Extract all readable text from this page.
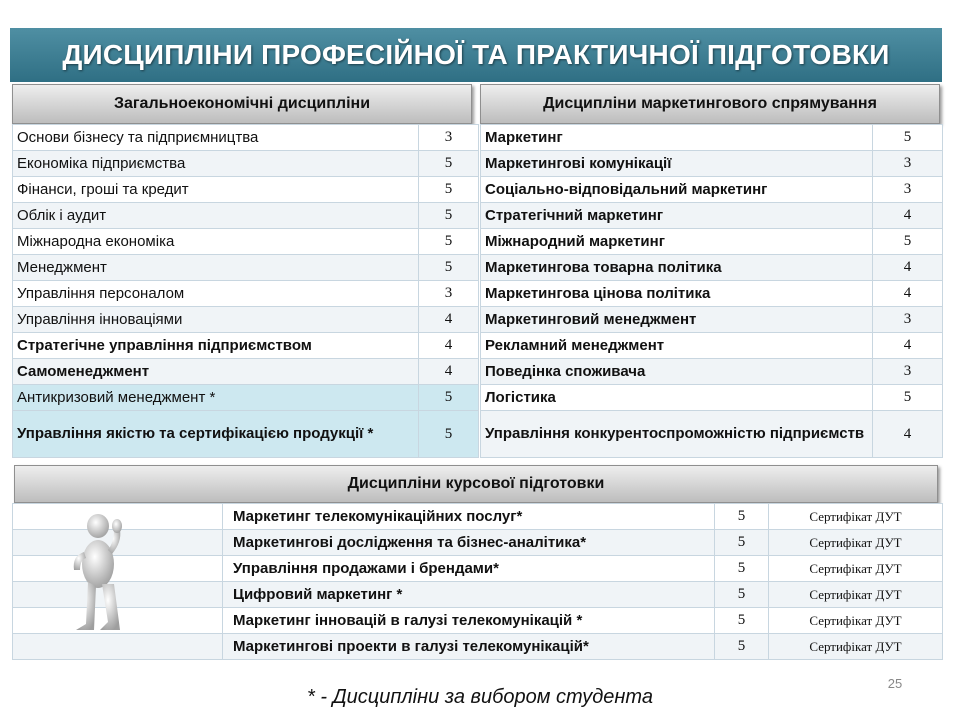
ДИСЦИПЛІНИ ПРОФЕСІЙНОЇ ТА ПРАКТИЧНОЇ ПІДГОТОВКИ
Загальноекономічні дисципліни	Дисципліни маркетингового спрямування
Основи бізнесу та підприємництва	3
Економіка підприємства	5
Фінанси, гроші та кредит	5
Облік і аудит	5
Міжнародна економіка	5
Менеджмент	5
Управління персоналом	3
Управління інноваціями	4
Стратегічне управління підприємством	4
Самоменеджмент	4
Антикризовий менеджмент *	5
Управління якістю та сертифікацією продукції *	5
Маркетинг	5
Маркетингові комунікації	3
Соціально-відповідальний маркетинг	3
Стратегічний маркетинг	4
Міжнародний маркетинг	5
Маркетингова товарна політика	4
Маркетингова цінова політика	4
Маркетинговий менеджмент	3
Рекламний менеджмент	4
Поведінка споживача	3
Логістика	5
Управління конкурентоспроможністю підприємств	4
Дисципліни курсової підготовки
	Маркетинг телекомунікаційних послуг*	5	Сертифікат ДУТ
	Маркетингові дослідження та бізнес-аналітика*	5	Сертифікат ДУТ
	Управління продажами і брендами*	5	Сертифікат ДУТ
	Цифровий маркетинг *	5	Сертифікат ДУТ
	Маркетинг інновацій в галузі телекомунікацій *	5	Сертифікат ДУТ
	Маркетингові проекти в галузі телекомунікацій*	5	Сертифікат ДУТ
25
* - Дисципліни за вибором студента
